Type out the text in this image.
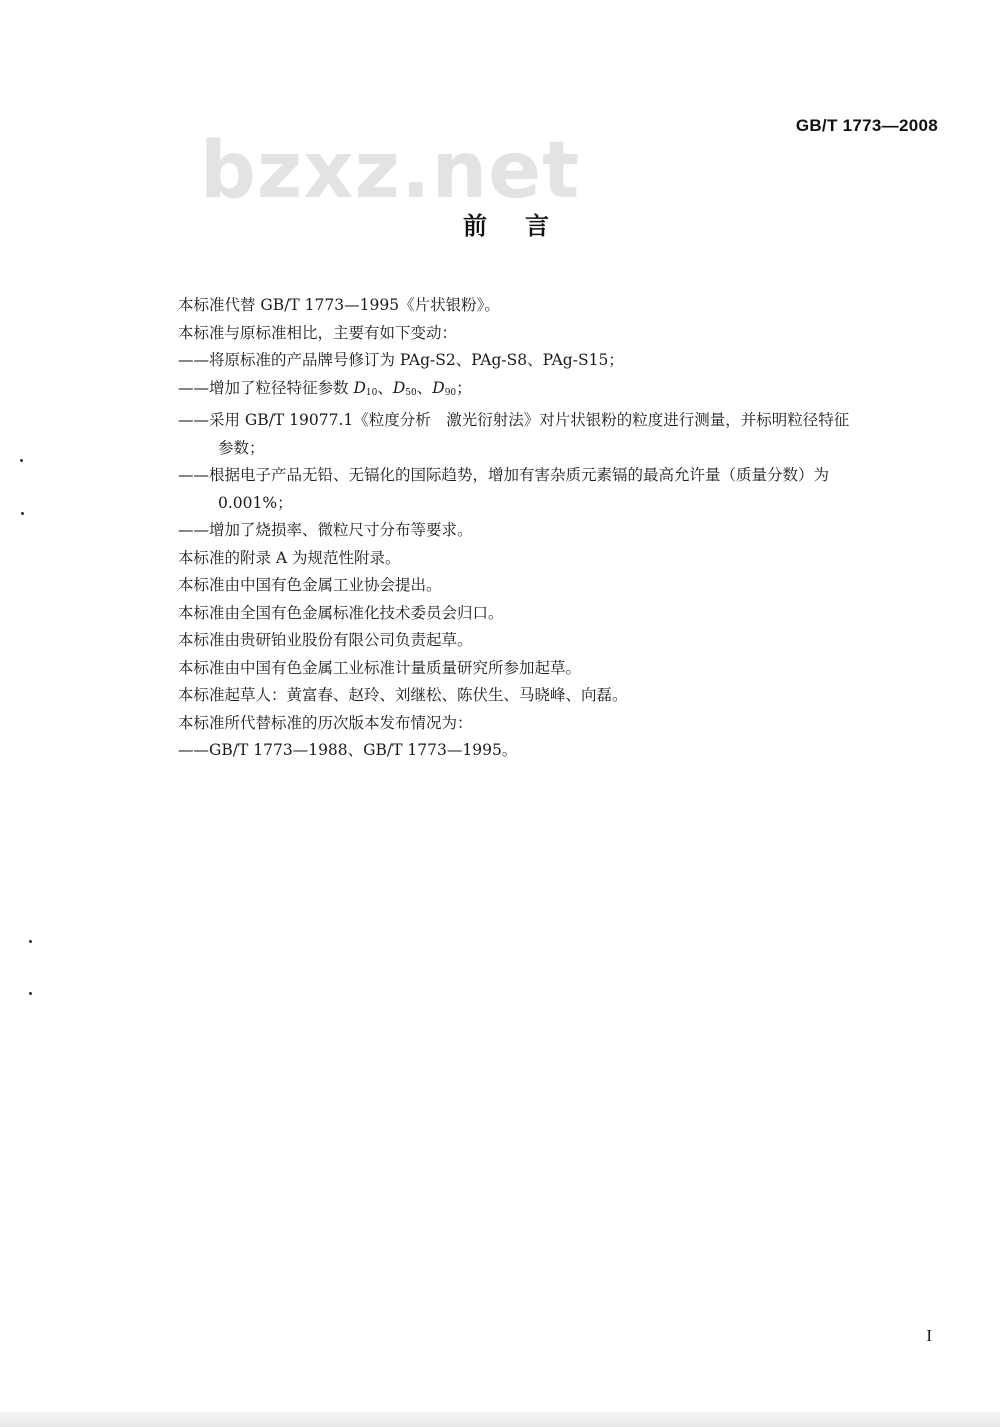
GB/T 1773—2008
bzxz.net
前言
本标准代替 GB/T 1773—1995《片状银粉》。
本标准与原标准相比，主要有如下变动：
——将原标准的产品牌号修订为 PAg-S2、PAg-S8、PAg-S15；
——增加了粒径特征参数 $D_{10}$、$D_{50}$、$D_{90}$；
——采用 GB/T 19077.1《粒度分析　激光衍射法》对片状银粉的粒度进行测量，并标明粒径特征
参数；
——根据电子产品无铅、无镉化的国际趋势，增加有害杂质元素镉的最高允许量（质量分数）为
0.001%；
——增加了烧损率、微粒尺寸分布等要求。
本标准的附录 A 为规范性附录。
本标准由中国有色金属工业协会提出。
本标准由全国有色金属标准化技术委员会归口。
本标准由贵研铂业股份有限公司负责起草。
本标准由中国有色金属工业标准计量质量研究所参加起草。
本标准起草人：黄富春、赵玲、刘继松、陈伏生、马晓峰、向磊。
本标准所代替标准的历次版本发布情况为：
——GB/T 1773—1988、GB/T 1773—1995。
I
